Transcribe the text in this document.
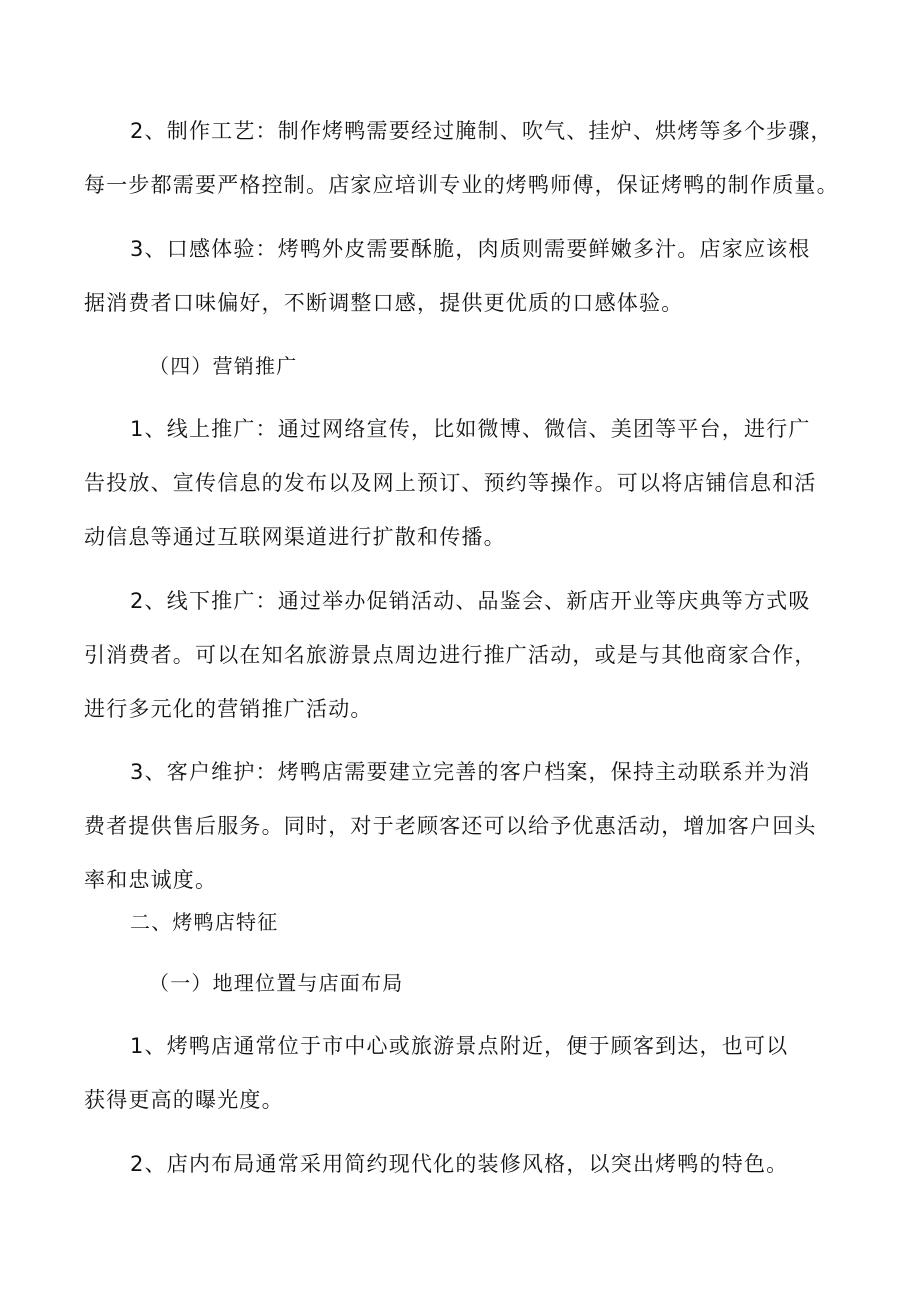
2、制作工艺：制作烤鸭需要经过腌制、吹气、挂炉、烘烤等多个步骤，
每一步都需要严格控制。店家应培训专业的烤鸭师傅，保证烤鸭的制作质量。
3、口感体验：烤鸭外皮需要酥脆，肉质则需要鲜嫩多汁。店家应该根
据消费者口味偏好，不断调整口感，提供更优质的口感体验。
（四）营销推广
1、线上推广：通过网络宣传，比如微博、微信、美团等平台，进行广
告投放、宣传信息的发布以及网上预订、预约等操作。可以将店铺信息和活
动信息等通过互联网渠道进行扩散和传播。
2、线下推广：通过举办促销活动、品鉴会、新店开业等庆典等方式吸
引消费者。可以在知名旅游景点周边进行推广活动，或是与其他商家合作，
进行多元化的营销推广活动。
3、客户维护：烤鸭店需要建立完善的客户档案，保持主动联系并为消
费者提供售后服务。同时，对于老顾客还可以给予优惠活动，增加客户回头
率和忠诚度。
二、烤鸭店特征
（一）地理位置与店面布局
1、烤鸭店通常位于市中心或旅游景点附近，便于顾客到达，也可以
获得更高的曝光度。
2、店内布局通常采用简约现代化的装修风格，以突出烤鸭的特色。
